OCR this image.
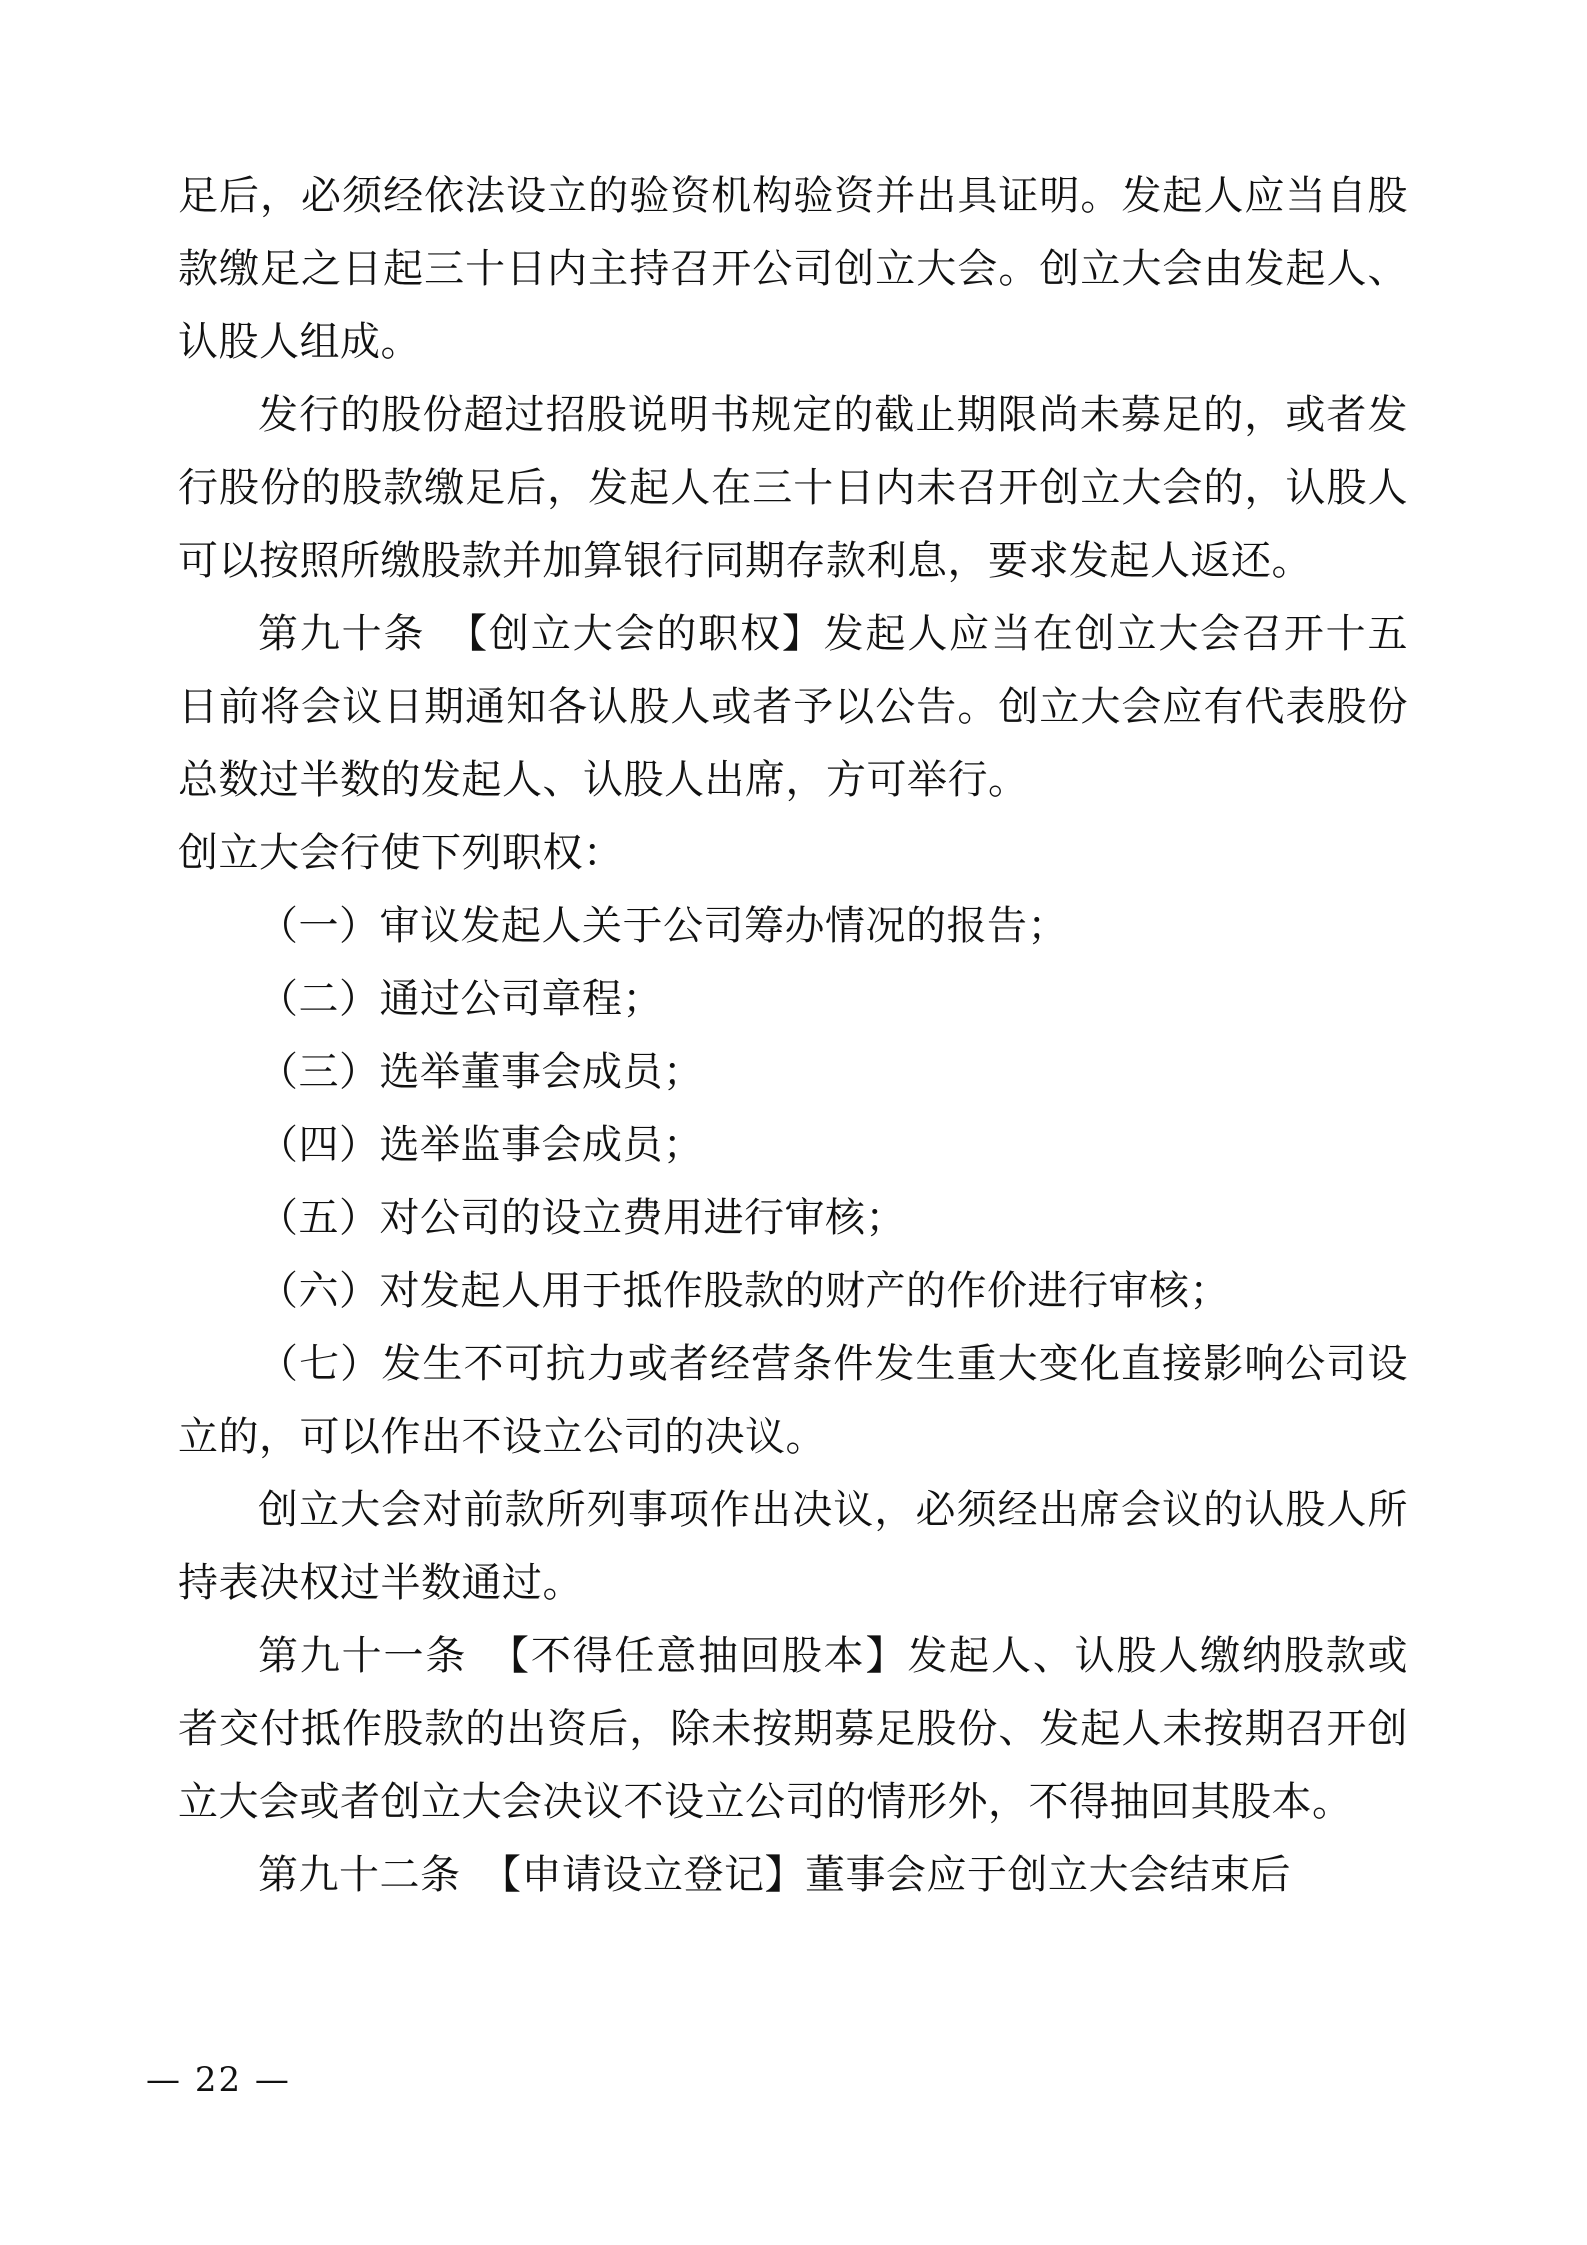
足后，必须经依法设立的验资机构验资并出具证明。发起人应当自股款缴足之日起三十日内主持召开公司创立大会。创立大会由发起人、认股人组成。

发行的股份超过招股说明书规定的截止期限尚未募足的，或者发行股份的股款缴足后，发起人在三十日内未召开创立大会的，认股人可以按照所缴股款并加算银行同期存款利息，要求发起人返还。

第九十条　【创立大会的职权】发起人应当在创立大会召开十五日前将会议日期通知各认股人或者予以公告。创立大会应有代表股份总数过半数的发起人、认股人出席，方可举行。

创立大会行使下列职权：

（一）审议发起人关于公司筹办情况的报告；

（二）通过公司章程；

（三）选举董事会成员；

（四）选举监事会成员；

（五）对公司的设立费用进行审核；

（六）对发起人用于抵作股款的财产的作价进行审核；

（七）发生不可抗力或者经营条件发生重大变化直接影响公司设立的，可以作出不设立公司的决议。

创立大会对前款所列事项作出决议，必须经出席会议的认股人所持表决权过半数通过。

第九十一条　【不得任意抽回股本】发起人、认股人缴纳股款或者交付抵作股款的出资后，除未按期募足股份、发起人未按期召开创立大会或者创立大会决议不设立公司的情形外，不得抽回其股本。

第九十二条　【申请设立登记】董事会应于创立大会结束后

— 22 —
